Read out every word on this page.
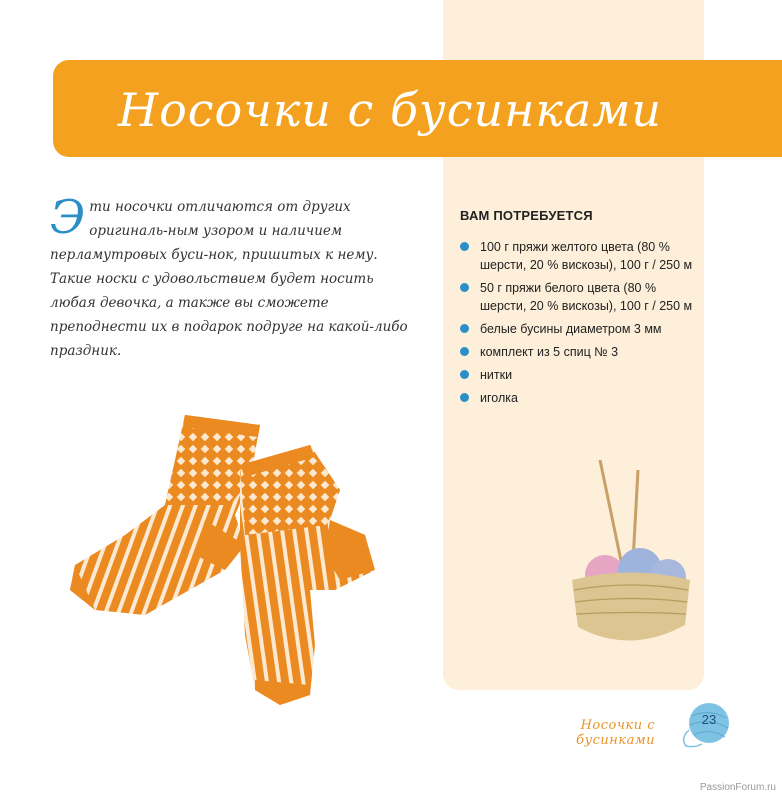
Носочки с бусинками
Э ти носочки отличаются от других оригиналь-ным узором и наличием перламутровых буси-нок, пришитых к нему. Такие носки с удовольствием будет носить любая девочка, а также вы сможете преподнести их в подарок подруге на какой-либо праздник.
ВАМ ПОТРЕБУЕТСЯ
100 г пряжи желтого цвета (80 % шерсти, 20 % вискозы), 100 г / 250 м
50 г пряжи белого цвета (80 % шерсти, 20 % вискозы), 100 г / 250 м
белые бусины диаметром 3 мм
комплект из 5 спиц № 3
нитки
иголка
Носочки с бусинками
23
PassionForum.ru
